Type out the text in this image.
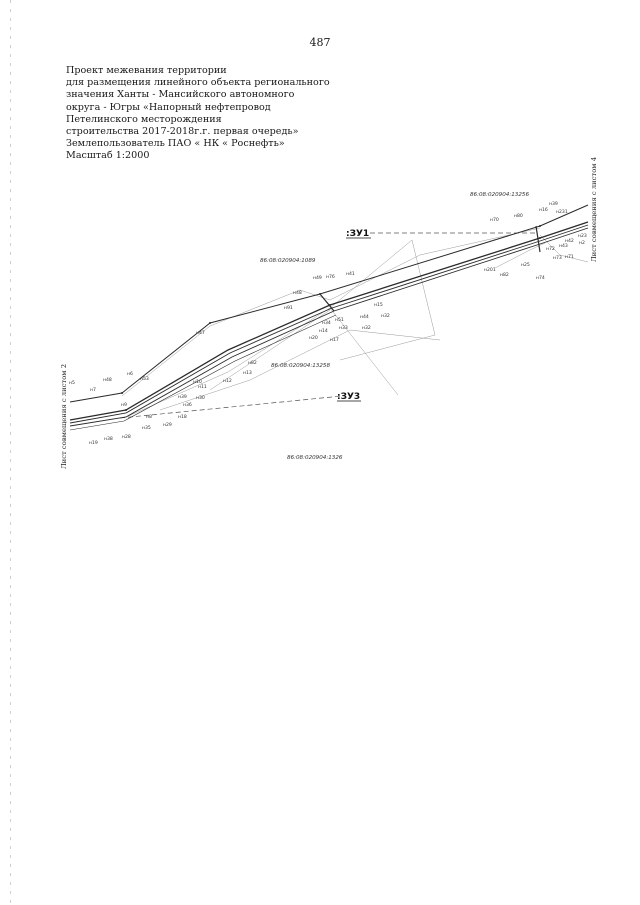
487
Проект межевания территории
для размещения линейного объекта регионального
значения Ханты - Мансийского автономного
округа - Югры «Напорный нефтепровод
Петелинского месторождения
строительства 2017-2018г.г. первая очередь»
Землепользователь ПАО « НК « Роснефть»
Масштаб 1:2000
:ЗУ1
:ЗУ3
86:08:020904:13256
86:08:020904:1089
86:08:020904:13258
86:08:020904:1326
Лист совмещения с листом 2
Лист совмещения с листом 4
н5
н7
н48
н6
н53
н9
н8
н35
н29
н18
н28
н19
н38
н36
н30
н39
н10
н11
н12
н13
н82
н47
н48
н91
н49 н76
н41
н15
н32
н44
н51
н14
н17
н33
н34
н20
н32
н70
н80
н16
н39
н231
н42
н43
н2
н72
н73 н71
н23
н201
н82
н25
н74
